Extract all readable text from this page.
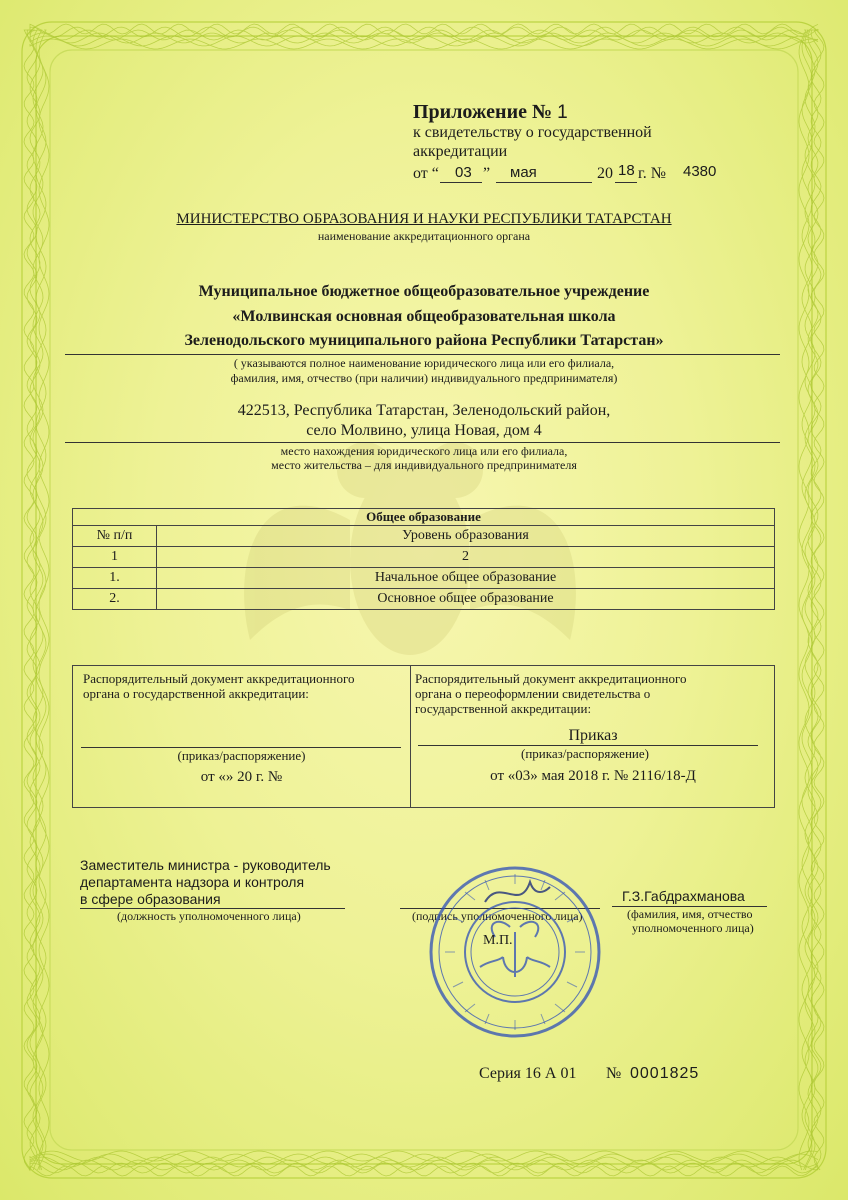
Приложение № 1
к свидетельству о государственной
аккредитации
от “ 03 ” мая	20 18 г. № 4380
МИНИСТЕРСТВО ОБРАЗОВАНИЯ И НАУКИ РЕСПУБЛИКИ ТАТАРСТАН
наименование аккредитационного органа
Муниципальное бюджетное общеобразовательное учреждение
«Молвинская основная общеобразовательная школа
Зеленодольского муниципального района Республики Татарстан»
( указываются полное наименование юридического лица или его филиала,
фамилия, имя, отчество (при наличии) индивидуального предпринимателя)
422513, Республика Татарстан, Зеленодольский район,
село Молвино, улица Новая, дом 4
место нахождения юридического лица или его филиала,
место жительства – для индивидуального предпринимателя
Общее образование	
№ п/п	Уровень образования
1	2
1.	Начальное общее образование
2.	Основное общее образование
Распорядительный документ аккредитационного
органа о государственной аккредитации:
(приказ/распоряжение)
от «» 20 г. №
Распорядительный документ аккредитационного
органа о переоформлении свидетельства о
государственной аккредитации:
Приказ
(приказ/распоряжение)
от «03» мая 2018 г. № 2116/18-Д
Заместитель министра - руководитель
департамента надзора и контроля
в сфере образования
(должность уполномоченного лица)	(подпись уполномоченного лица)
Г.З.Габдрахманова
(фамилия, имя, отчество
уполномоченного лица)
М.П.
Серия 16 А 01 № 0001825
